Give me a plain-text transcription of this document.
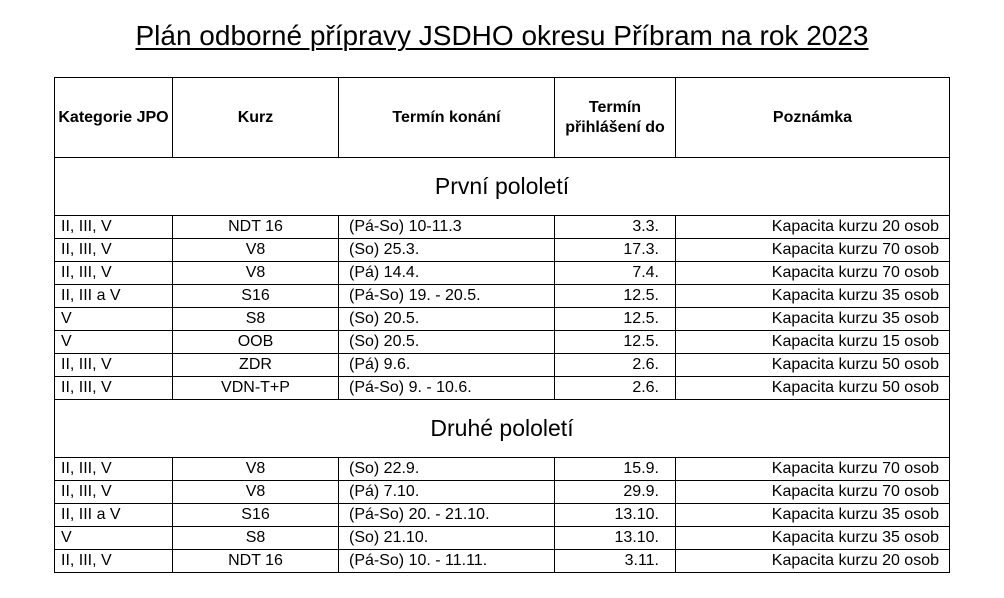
Plán odborné přípravy JSDHO okresu Příbram na rok 2023
Kategorie JPO	Kurz	Termín konání	Termín přihlášení do	Poznámka
První pololetí				
II, III, V	NDT 16	(Pá-So) 10-11.3	3.3.	Kapacita kurzu 20 osob
II, III, V	V8	(So) 25.3.	17.3.	Kapacita kurzu 70 osob
II, III, V	V8	(Pá) 14.4.	7.4.	Kapacita kurzu 70 osob
II, III a V	S16	(Pá-So) 19. - 20.5.	12.5.	Kapacita kurzu 35 osob
V	S8	(So) 20.5.	12.5.	Kapacita kurzu 35 osob
V	OOB	(So) 20.5.	12.5.	Kapacita kurzu 15 osob
II, III, V	ZDR	(Pá) 9.6.	2.6.	Kapacita kurzu 50 osob
II, III, V	VDN-T+P	(Pá-So) 9. - 10.6.	2.6.	Kapacita kurzu 50 osob
Druhé pololetí				
II, III, V	V8	(So) 22.9.	15.9.	Kapacita kurzu 70 osob
II, III, V	V8	(Pá) 7.10.	29.9.	Kapacita kurzu 70 osob
II, III a V	S16	(Pá-So) 20. - 21.10.	13.10.	Kapacita kurzu 35 osob
V	S8	(So) 21.10.	13.10.	Kapacita kurzu 35 osob
II, III, V	NDT 16	(Pá-So) 10. - 11.11.	3.11.	Kapacita kurzu 20 osob
